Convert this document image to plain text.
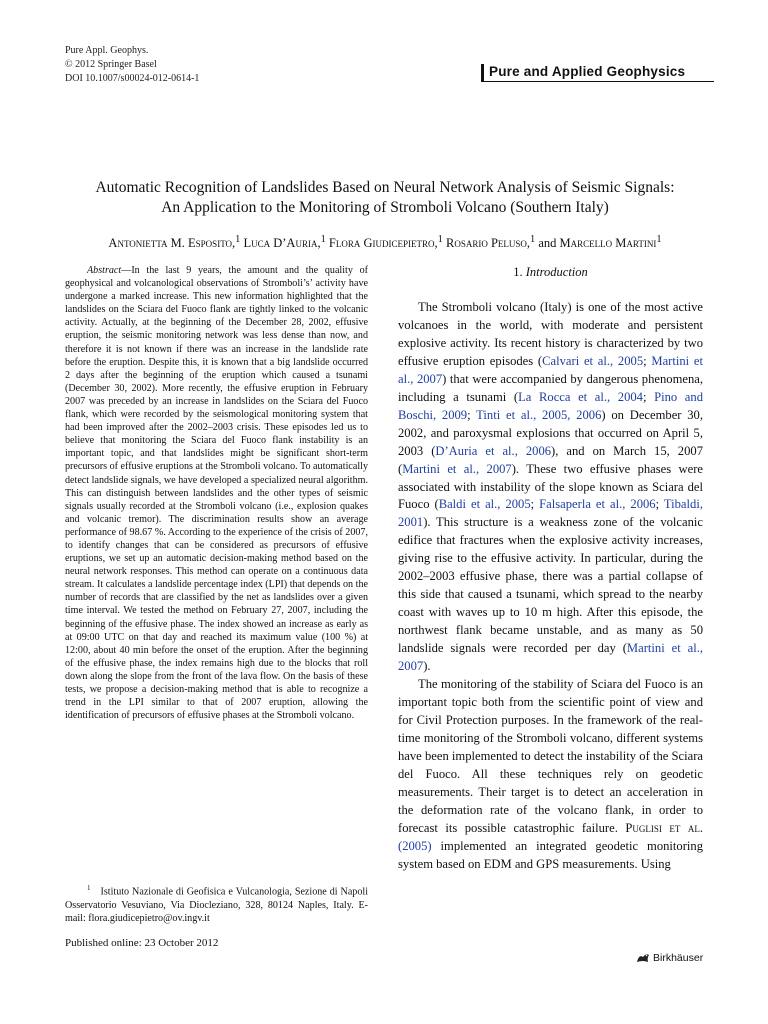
Pure Appl. Geophys.
© 2012 Springer Basel
DOI 10.1007/s00024-012-0614-1	Pure and Applied Geophysics
Automatic Recognition of Landslides Based on Neural Network Analysis of Seismic Signals:
An Application to the Monitoring of Stromboli Volcano (Southern Italy)
Antonietta M. Esposito,$^1$ Luca D’Auria,$^1$ Flora Giudicepietro,$^1$ Rosario Peluso,$^1$ and Marcello Martini$^1$

Abstract—In the last 9 years, the amount and the quality of geophysical and volcanological observations of Stromboli’s’ activity have undergone a marked increase. This new information highlighted that the landslides on the Sciara del Fuoco flank are tightly linked to the volcanic activity. Actually, at the beginning of the December 28, 2002, effusive eruption, the seismic monitoring network was less dense than now, and therefore it is not known if there was an increase in the landslide rate before the eruption. Despite this, it is known that a big landslide occurred 2 days after the beginning of the eruption which caused a tsunami (December 30, 2002). More recently, the effusive eruption in February 2007 was preceded by an increase in landslides on the Sciara del Fuoco flank, which were recorded by the seismological monitoring system that had been improved after the 2002–2003 crisis. These episodes led us to believe that monitoring the Sciara del Fuoco flank instability is an important topic, and that landslides might be significant short-term precursors of effusive eruptions at the Stromboli volcano. To automatically detect landslide signals, we have developed a specialized neural algorithm. This can distinguish between landslides and the other types of seismic signals usually recorded at the Stromboli volcano (i.e., explosion quakes and volcanic tremor). The discrimination results show an average performance of 98.67 %. According to the experience of the crisis of 2007, to identify changes that can be considered as precursors of effusive eruptions, we set up an automatic decision-making method based on the neural network responses. This method can operate on a continuous data stream. It calculates a landslide percentage index (LPI) that depends on the number of records that are classified by the net as landslides over a given time interval. We tested the method on February 27, 2007, including the beginning of the effusive phase. The index showed an increase as early as at 09:00 UTC on that day and reached its maximum value (100 %) at 12:00, about 40 min before the onset of the eruption. After the beginning of the effusive phase, the index remains high due to the blocks that roll down along the slope from the front of the lava flow. On the basis of these tests, we propose a decision-making method that is able to recognize a trend in the LPI similar to that of 2007 eruption, allowing the identification of precursors of effusive phases at the Stromboli volcano.

$^1$ Istituto Nazionale di Geofisica e Vulcanologia, Sezione di Napoli Osservatorio Vesuviano, Via Diocleziano, 328, 80124 Naples, Italy. E-mail: flora.giudicepietro@ov.ingv.it

Published online: 23 October 2012
1. Introduction

The Stromboli volcano (Italy) is one of the most active volcanoes in the world, with moderate and persistent explosive activity. Its recent history is characterized by two effusive eruption episodes (Calvari et al., 2005; Martini et al., 2007) that were accompanied by dangerous phenomena, including a tsunami (La Rocca et al., 2004; Pino and Boschi, 2009; Tinti et al., 2005, 2006) on December 30, 2002, and paroxysmal explosions that occurred on April 5, 2003 (D’Auria et al., 2006), and on March 15, 2007 (Martini et al., 2007). These two effusive phases were associated with instability of the slope known as Sciara del Fuoco (Baldi et al., 2005; Falsaperla et al., 2006; Tibaldi, 2001). This structure is a weakness zone of the volcanic edifice that fractures when the explosive activity increases, giving rise to the effusive activity. In particular, during the 2002–2003 effusive phase, there was a partial collapse of this side that caused a tsunami, which spread to the nearby coast with waves up to 10 m high. After this episode, the northwest flank became unstable, and as many as 50 landslide signals were recorded per day (Martini et al., 2007).

The monitoring of the stability of Sciara del Fuoco is an important topic both from the scientific point of view and for Civil Protection purposes. In the framework of the real-time monitoring of the Stromboli volcano, different systems have been implemented to detect the instability of the Sciara del Fuoco. All these techniques rely on geodetic measurements. Their target is to detect an acceleration in the deformation rate of the volcano flank, in order to forecast its possible catastrophic failure. Puglisi et al. (2005) implemented an integrated geodetic monitoring system based on EDM and GPS measurements. Using

Birkhäuser
